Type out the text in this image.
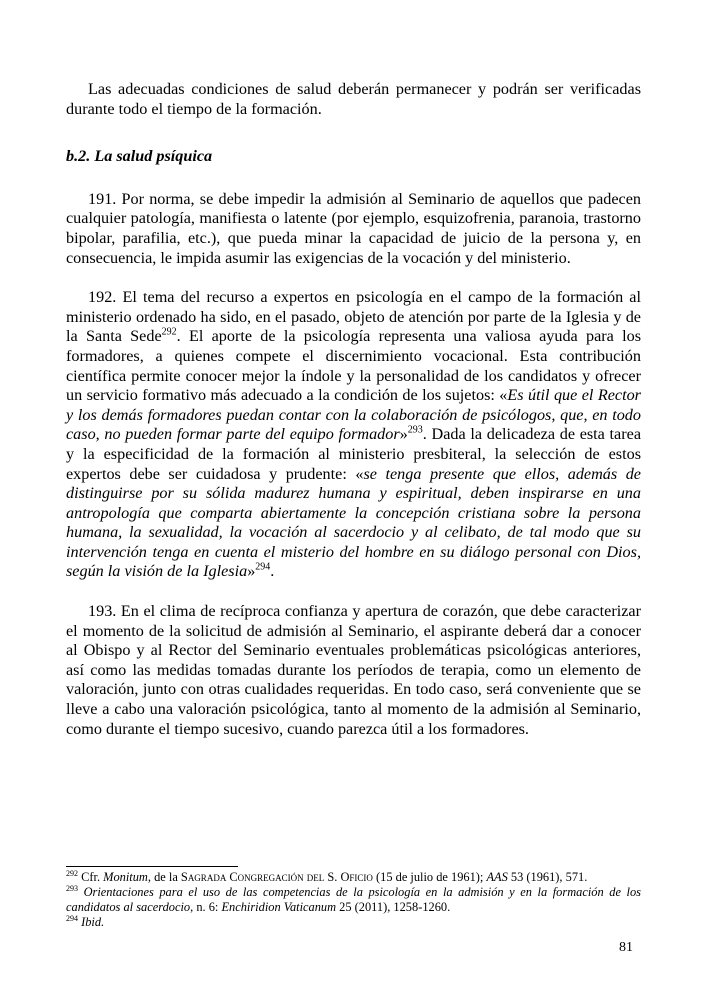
Las adecuadas condiciones de salud deberán permanecer y podrán ser verificadas durante todo el tiempo de la formación.

b.2. La salud psíquica

191. Por norma, se debe impedir la admisión al Seminario de aquellos que padecen cualquier patología, manifiesta o latente (por ejemplo, esquizofrenia, paranoia, trastorno bipolar, parafilia, etc.), que pueda minar la capacidad de juicio de la persona y, en consecuencia, le impida asumir las exigencias de la vocación y del ministerio.

192. El tema del recurso a expertos en psicología en el campo de la formación al ministerio ordenado ha sido, en el pasado, objeto de atención por parte de la Iglesia y de la Santa Sede$^{292}$. El aporte de la psicología representa una valiosa ayuda para los formadores, a quienes compete el discernimiento vocacional. Esta contribución científica permite conocer mejor la índole y la personalidad de los candidatos y ofrecer un servicio formativo más adecuado a la condición de los sujetos: «Es útil que el Rector y los demás formadores puedan contar con la colaboración de psicólogos, que, en todo caso, no pueden formar parte del equipo formador»$^{293}$. Dada la delicadeza de esta tarea y la especificidad de la formación al ministerio presbiteral, la selección de estos expertos debe ser cuidadosa y prudente: «se tenga presente que ellos, además de distinguirse por su sólida madurez humana y espiritual, deben inspirarse en una antropología que comparta abiertamente la concepción cristiana sobre la persona humana, la sexualidad, la vocación al sacerdocio y al celibato, de tal modo que su intervención tenga en cuenta el misterio del hombre en su diálogo personal con Dios, según la visión de la Iglesia»$^{294}$.

193. En el clima de recíproca confianza y apertura de corazón, que debe caracterizar el momento de la solicitud de admisión al Seminario, el aspirante deberá dar a conocer al Obispo y al Rector del Seminario eventuales problemáticas psicológicas anteriores, así como las medidas tomadas durante los períodos de terapia, como un elemento de valoración, junto con otras cualidades requeridas. En todo caso, será conveniente que se lleve a cabo una valoración psicológica, tanto al momento de la admisión al Seminario, como durante el tiempo sucesivo, cuando parezca útil a los formadores.

$^{292}$ Cfr. Monitum, de la Sagrada Congregación del S. Oficio (15 de julio de 1961); AAS 53 (1961), 571.
$^{293}$ Orientaciones para el uso de las competencias de la psicología en la admisión y en la formación de los candidatos al sacerdocio, n. 6: Enchiridion Vaticanum 25 (2011), 1258-1260.
$^{294}$ Ibid.
81
